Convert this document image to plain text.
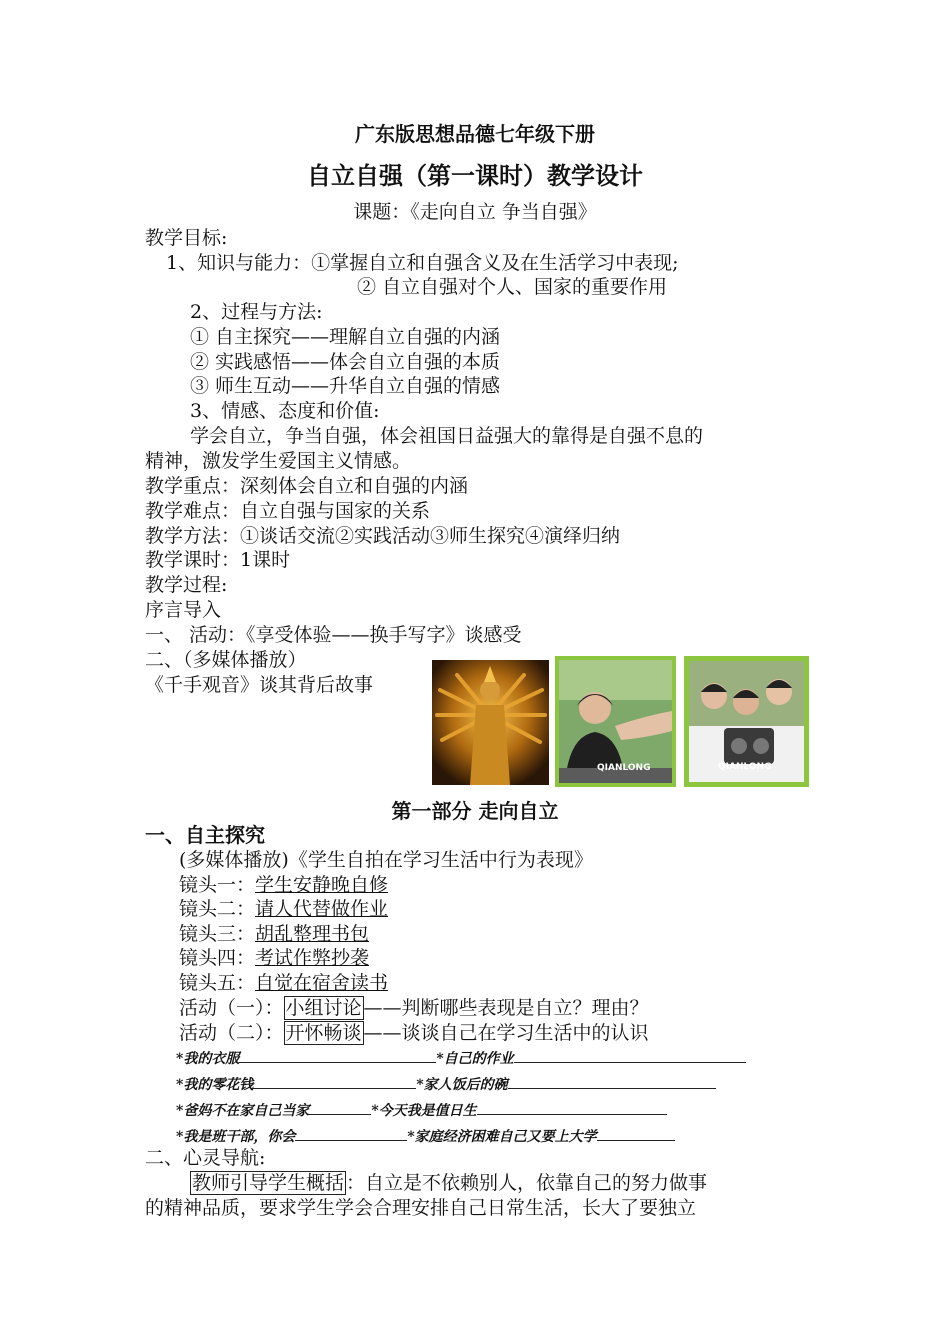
广东版思想品德七年级下册
自立自强（第一课时）教学设计
课题：《走向自立 争当自强》
教学目标:
1、知识与能力：①掌握自立和自强含义及在生活学习中表现;
② 自立自强对个人、国家的重要作用
2、过程与方法:
① 自主探究——理解自立自强的内涵
② 实践感悟——体会自立自强的本质
③ 师生互动——升华自立自强的情感
3、情感、态度和价值:
学会自立，争当自强，体会祖国日益强大的靠得是自强不息的
精神，激发学生爱国主义情感。
教学重点：深刻体会自立和自强的内涵
教学难点：自立自强与国家的关系
教学方法：①谈话交流②实践活动③师生探究④演绎归纳
教学课时：1课时
教学过程:
序言导入
一、 活动：《享受体验——换手写字》谈感受
二、（多媒体播放）
《千手观音》谈其背后故事
QIANLONG	QIANLONG
第一部分 走向自立
一、自主探究
(多媒体播放)《学生自拍在学习生活中行为表现》
镜头一：学生安静晚自修
镜头二：请人代替做作业
镜头三：胡乱整理书包
镜头四：考试作弊抄袭
镜头五：自觉在宿舍读书
活动（一）： 小组讨论 ——判断哪些表现是自立？理由？
活动（二）： 开怀畅谈 ——谈谈自己在学习生活中的认识
*我的衣服	*自己的作业
*我的零花钱	*家人饭后的碗
*爸妈不在家自己当家	*今天我是值日生
*我是班干部，你会	*家庭经济困难自己又要上大学
二、心灵导航:
教师引导学生概括 ：自立是不依赖别人，依靠自己的努力做事
的精神品质，要求学生学会合理安排自己日常生活，长大了要独立
